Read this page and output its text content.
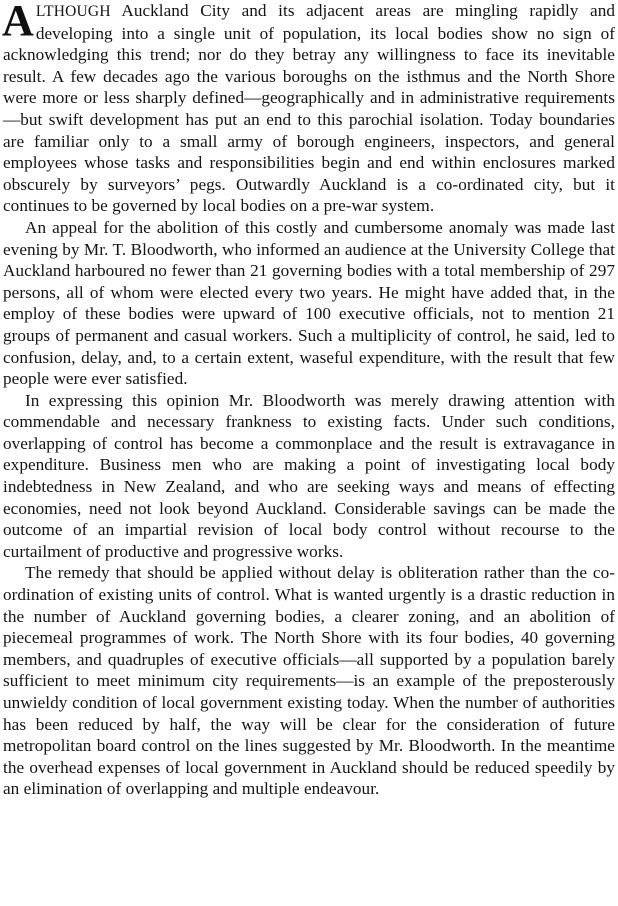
ALTHOUGH Auckland City and its adjacent areas are mingling rapidly and developing into a single unit of population, its local bodies show no sign of acknowledging this trend; nor do they betray any willingness to face its inevitable result. A few decades ago the various boroughs on the isthmus and the North Shore were more or less sharply defined—geographically and in administrative requirements—but swift development has put an end to this parochial isolation. Today boundaries are familiar only to a small army of borough engineers, inspectors, and general employees whose tasks and responsibilities begin and end within enclosures marked obscurely by surveyors’ pegs. Outwardly Auckland is a co-ordinated city, but it continues to be governed by local bodies on a pre-war system.

An appeal for the abolition of this costly and cumbersome anomaly was made last evening by Mr. T. Bloodworth, who informed an audience at the University College that Auckland harboured no fewer than 21 governing bodies with a total membership of 297 persons, all of whom were elected every two years. He might have added that, in the employ of these bodies were upward of 100 executive officials, not to mention 21 groups of permanent and casual workers. Such a multiplicity of control, he said, led to confusion, delay, and, to a certain extent, waseful expenditure, with the result that few people were ever satisfied.

In expressing this opinion Mr. Bloodworth was merely drawing attention with commendable and necessary frankness to existing facts. Under such conditions, overlapping of control has become a commonplace and the result is extravagance in expenditure. Business men who are making a point of investigating local body indebtedness in New Zealand, and who are seeking ways and means of effecting economies, need not look beyond Auckland. Considerable savings can be made the outcome of an impartial revision of local body control without recourse to the curtailment of productive and progressive works.

The remedy that should be applied without delay is obliteration rather than the co-ordination of existing units of control. What is wanted urgently is a drastic reduction in the number of Auckland governing bodies, a clearer zoning, and an abolition of piecemeal programmes of work. The North Shore with its four bodies, 40 governing members, and quadruples of executive officials—all supported by a population barely sufficient to meet minimum city requirements—is an example of the preposterously unwieldy condition of local government existing today. When the number of authorities has been reduced by half, the way will be clear for the consideration of future metropolitan board control on the lines suggested by Mr. Bloodworth. In the meantime the overhead expenses of local government in Auckland should be reduced speedily by an elimination of overlapping and multiple endeavour.
